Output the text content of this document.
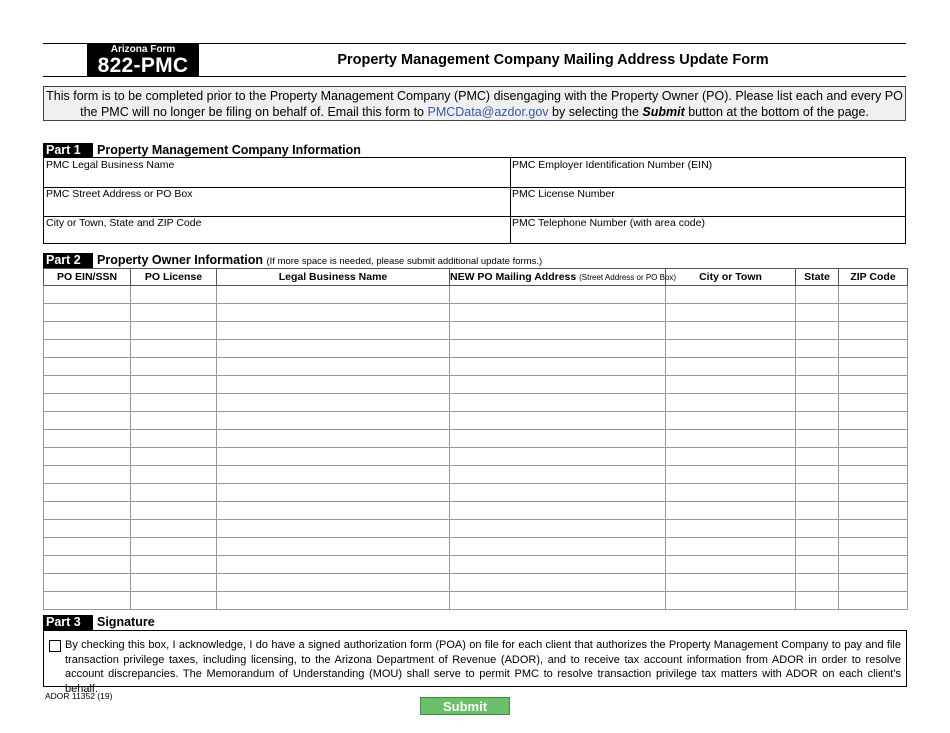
Arizona Form
822-PMC	Property Management Company Mailing Address Update Form
This form is to be completed prior to the Property Management Company (PMC) disengaging with the Property Owner (PO). Please list each and every PO the PMC will no longer be filing on behalf of. Email this form to PMCData@azdor.gov by selecting the Submit button at the bottom of the page.
Part 1	Property Management Company Information
PMC Legal Business Name	PMC Employer Identification Number (EIN)
PMC Street Address or PO Box	PMC License Number
City or Town, State and ZIP Code	PMC Telephone Number (with area code)
Part 2	Property Owner Information (If more space is needed, please submit additional update forms.)
PO EIN/SSN	PO License	Legal Business Name	NEW PO Mailing Address (Street Address or PO Box)	City or Town	State	ZIP Code

Part 3	Signature
By checking this box, I acknowledge, I do have a signed authorization form (POA) on file for each client that authorizes the Property Management Company to pay and file transaction privilege taxes, including licensing, to the Arizona Department of Revenue (ADOR), and to receive tax account information from ADOR in order to resolve account discrepancies. The Memorandum of Understanding (MOU) shall serve to permit PMC to resolve transaction privilege tax matters with ADOR on each client’s behalf.
ADOR 11352 (19)
Submit
